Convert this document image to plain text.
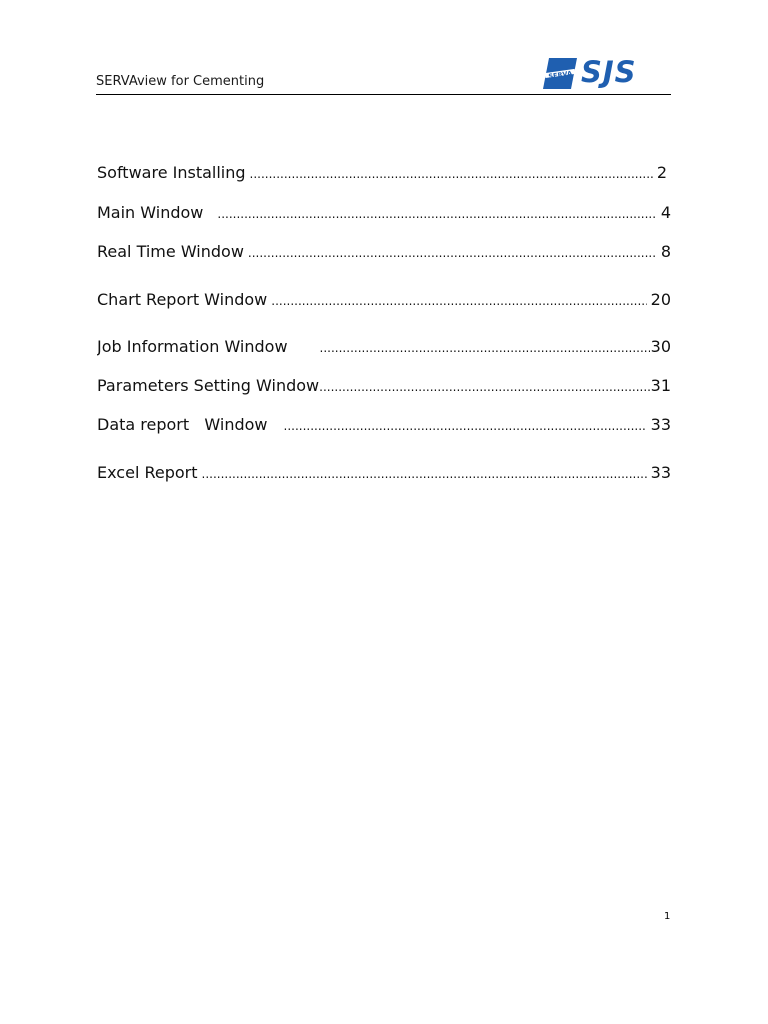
SERVAview for Cementing	SERVA SJS
Software Installing .....	2
Main Window .....	4
Real Time Window .....	8
Chart Report Window .....	20
Job Information Window .....	30
Parameters Setting Window .....	31
Data report   Window .....	33
Excel Report .....	33
1
